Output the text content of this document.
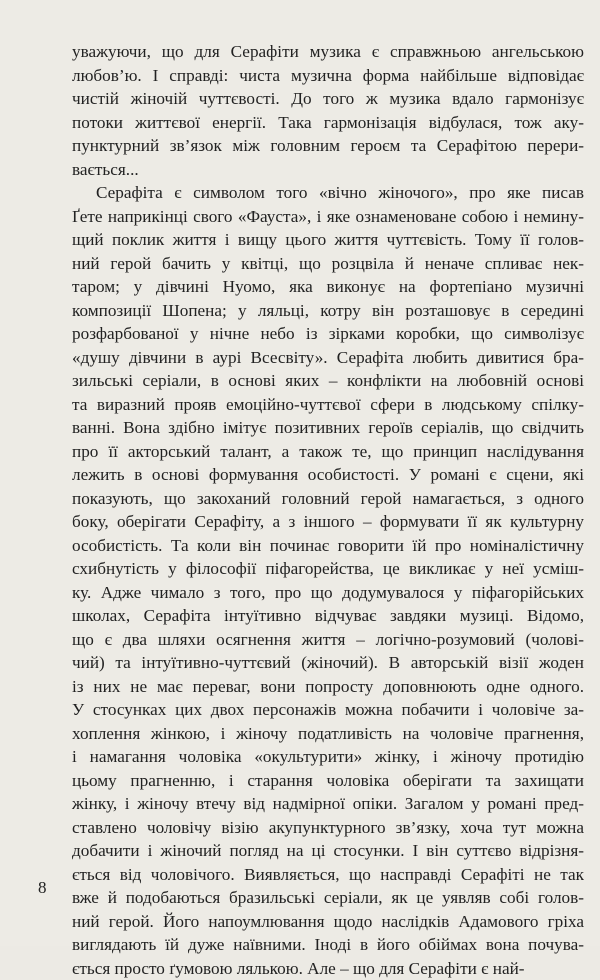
уважуючи, що для Серафіти музика є справжньою ангельською
любов’ю. І справді: чиста музична форма найбільше відповідає
чистій жіночій чуттєвості. До того ж музика вдало гармонізує
потоки життєвої енергії. Така гармонізація відбулася, тож аку-
пунктурний зв’язок між головним героєм та Серафітою перери-
вається...
Серафіта є символом того «вічно жіночого», про яке писав
Ґете наприкінці свого «Фауста», і яке ознаменоване собою і немину-
щий поклик життя і вищу цього життя чуттєвість. Тому її голов-
ний герой бачить у квітці, що розцвіла й неначе спливає нек-
таром; у дівчині Нуомо, яка виконує на фортепіано музичні
композиції Шопена; у ляльці, котру він розташовує в середині
розфарбованої у нічне небо із зірками коробки, що символізує
«душу дівчини в аурі Всесвіту». Серафіта любить дивитися бра-
зильські серіали, в основі яких – конфлікти на любовній основі
та виразний прояв емоційно-чуттєвої сфери в людському спілку-
ванні. Вона здібно імітує позитивних героїв серіалів, що свідчить
про її акторський талант, а також те, що принцип наслідування
лежить в основі формування особистості. У романі є сцени, які
показують, що закоханий головний герой намагається, з одного
боку, оберігати Серафіту, а з іншого – формувати її як культурну
особистість. Та коли він починає говорити їй про номіналістичну
схибнутість у філософії піфагорейства, це викликає у неї усміш-
ку. Адже чимало з того, про що додумувалося у піфагорійських
школах, Серафіта інтуїтивно відчуває завдяки музиці. Відомо,
що є два шляхи осягнення життя – логічно-розумовий (чолові-
чий) та інтуїтивно-чуттєвий (жіночий). В авторській візії жоден
із них не має переваг, вони попросту доповнюють одне одного.
У стосунках цих двох персонажів можна побачити і чоловіче за-
хоплення жінкою, і жіночу податливість на чоловіче прагнення,
і намагання чоловіка «окультурити» жінку, і жіночу протидію
цьому прагненню, і старання чоловіка оберігати та захищати
жінку, і жіночу втечу від надмірної опіки. Загалом у романі пред-
ставлено чоловічу візію акупунктурного зв’язку, хоча тут можна
добачити і жіночий погляд на ці стосунки. І він суттєво відрізня-
ється від чоловічого. Виявляється, що насправді Серафіті не так
вже й подобаються бразильські серіали, як це уявляв собі голов-
ний герой. Його напоумлювання щодо наслідків Адамового гріха
виглядають їй дуже наївними. Іноді в його обіймах вона почува-
ється просто ґумовою лялькою. Але – що для Серафіти є най-
8
